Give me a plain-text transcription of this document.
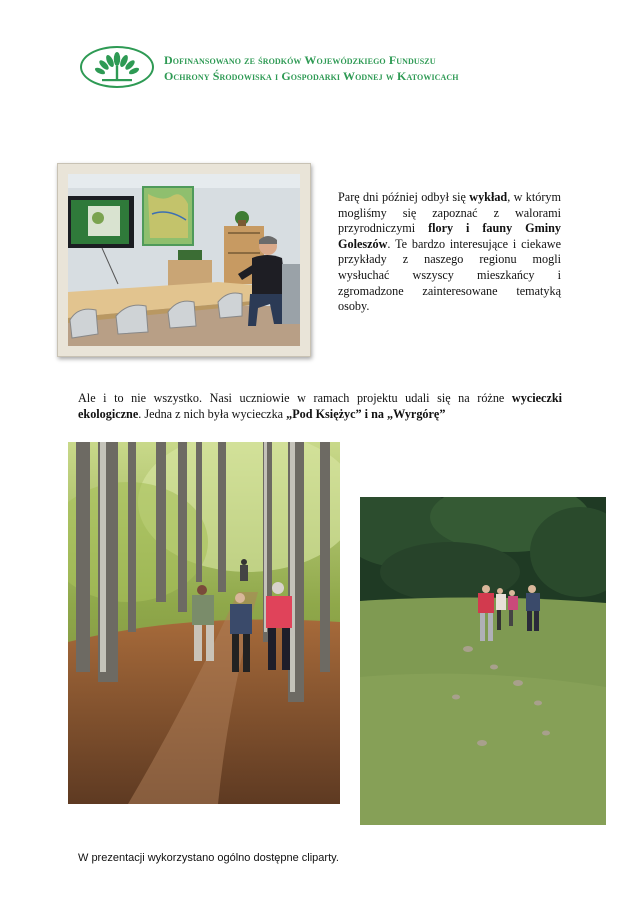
Dofinansowano ze środków Wojewódzkiego Funduszu
Ochrony Środowiska i Gospodarki Wodnej w Katowicach
Parę dni później odbył się wykład, w którym mogliśmy się zapoznać z walorami przyrodniczymi flory i fauny Gminy Goleszów. Te bardzo interesujące i ciekawe przykłady z naszego regionu mogli wysłuchać wszyscy mieszkańcy i zgromadzone zainteresowane tematyką osoby.
Ale i to nie wszystko. Nasi uczniowie w ramach projektu udali się na różne wycieczki ekologiczne. Jedna z nich była wycieczka „Pod Księżyc” i na „Wyrgórę”
W prezentacji wykorzystano ogólno dostępne cliparty.
